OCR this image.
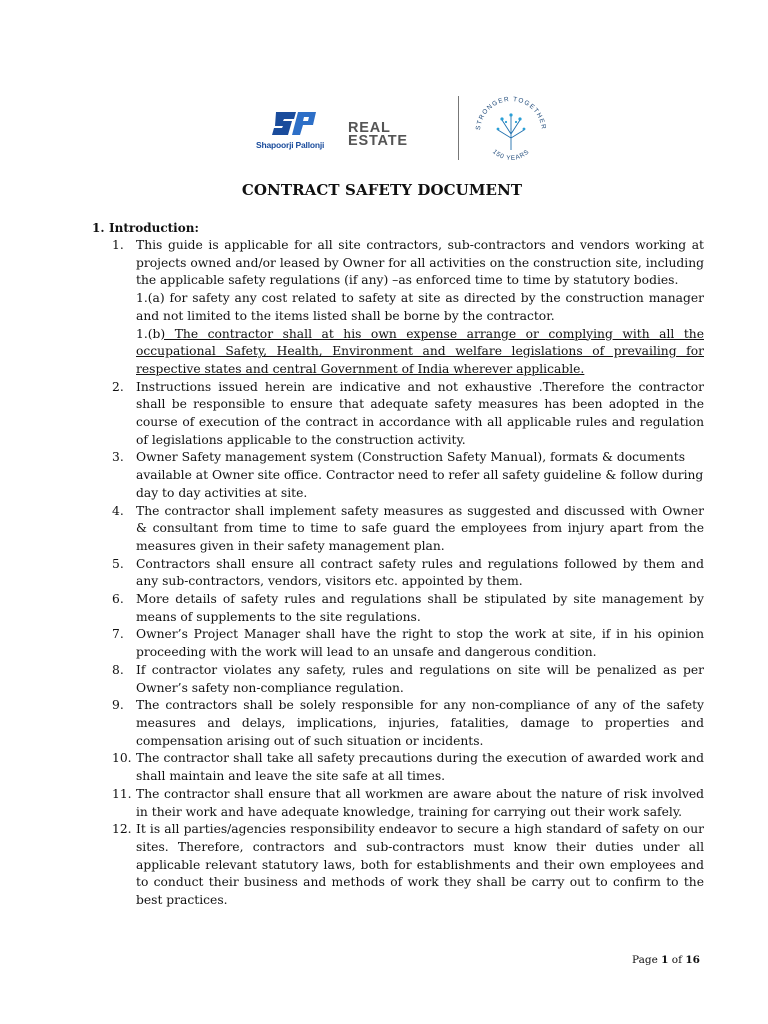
Shapoorji Pallonji
REAL
ESTATE
STRONGER TOGETHER
150 YEARS
CONTRACT SAFETY DOCUMENT
1. Introduction:
1. This guide is applicable for all site contractors, sub-contractors and vendors working at projects owned and/or leased by Owner for all activities on the construction site, including the applicable safety regulations (if any) –as enforced time to time by statutory bodies.

1.(a) for safety any cost related to safety at site as directed by the construction manager and not limited to the items listed shall be borne by the contractor.

1.(b) The contractor shall at his own expense arrange or complying with all the occupational Safety, Health, Environment and welfare legislations of prevailing for respective states and central Government of India wherever applicable.

2. Instructions issued herein are indicative and not exhaustive .Therefore the contractor shall be responsible to ensure that adequate safety measures has been adopted in the course of execution of the contract in accordance with all applicable rules and regulation of legislations applicable to the construction activity.
3. Owner Safety management system (Construction Safety Manual), formats & documents available at Owner site office. Contractor need to refer all safety guideline & follow during day to day activities at site.
4. The contractor shall implement safety measures as suggested and discussed with Owner & consultant from time to time to safe guard the employees from injury apart from the measures given in their safety management plan.
5. Contractors shall ensure all contract safety rules and regulations followed by them and any sub-contractors, vendors, visitors etc. appointed by them.
6. More details of safety rules and regulations shall be stipulated by site management by means of supplements to the site regulations.
7. Owner’s Project Manager shall have the right to stop the work at site, if in his opinion proceeding with the work will lead to an unsafe and dangerous condition.
8. If contractor violates any safety, rules and regulations on site will be penalized as per Owner’s safety non-compliance regulation.
9. The contractors shall be solely responsible for any non-compliance of any of the safety measures and delays, implications, injuries, fatalities, damage to properties and compensation arising out of such situation or incidents.
10. The contractor shall take all safety precautions during the execution of awarded work and shall maintain and leave the site safe at all times.
11. The contractor shall ensure that all workmen are aware about the nature of risk involved in their work and have adequate knowledge, training for carrying out their work safely.
12. It is all parties/agencies responsibility endeavor to secure a high standard of safety on our sites. Therefore, contractors and sub-contractors must know their duties under all applicable relevant statutory laws, both for establishments and their own employees and to conduct their business and methods of work they shall be carry out to confirm to the best practices.
Page 1 of 16
